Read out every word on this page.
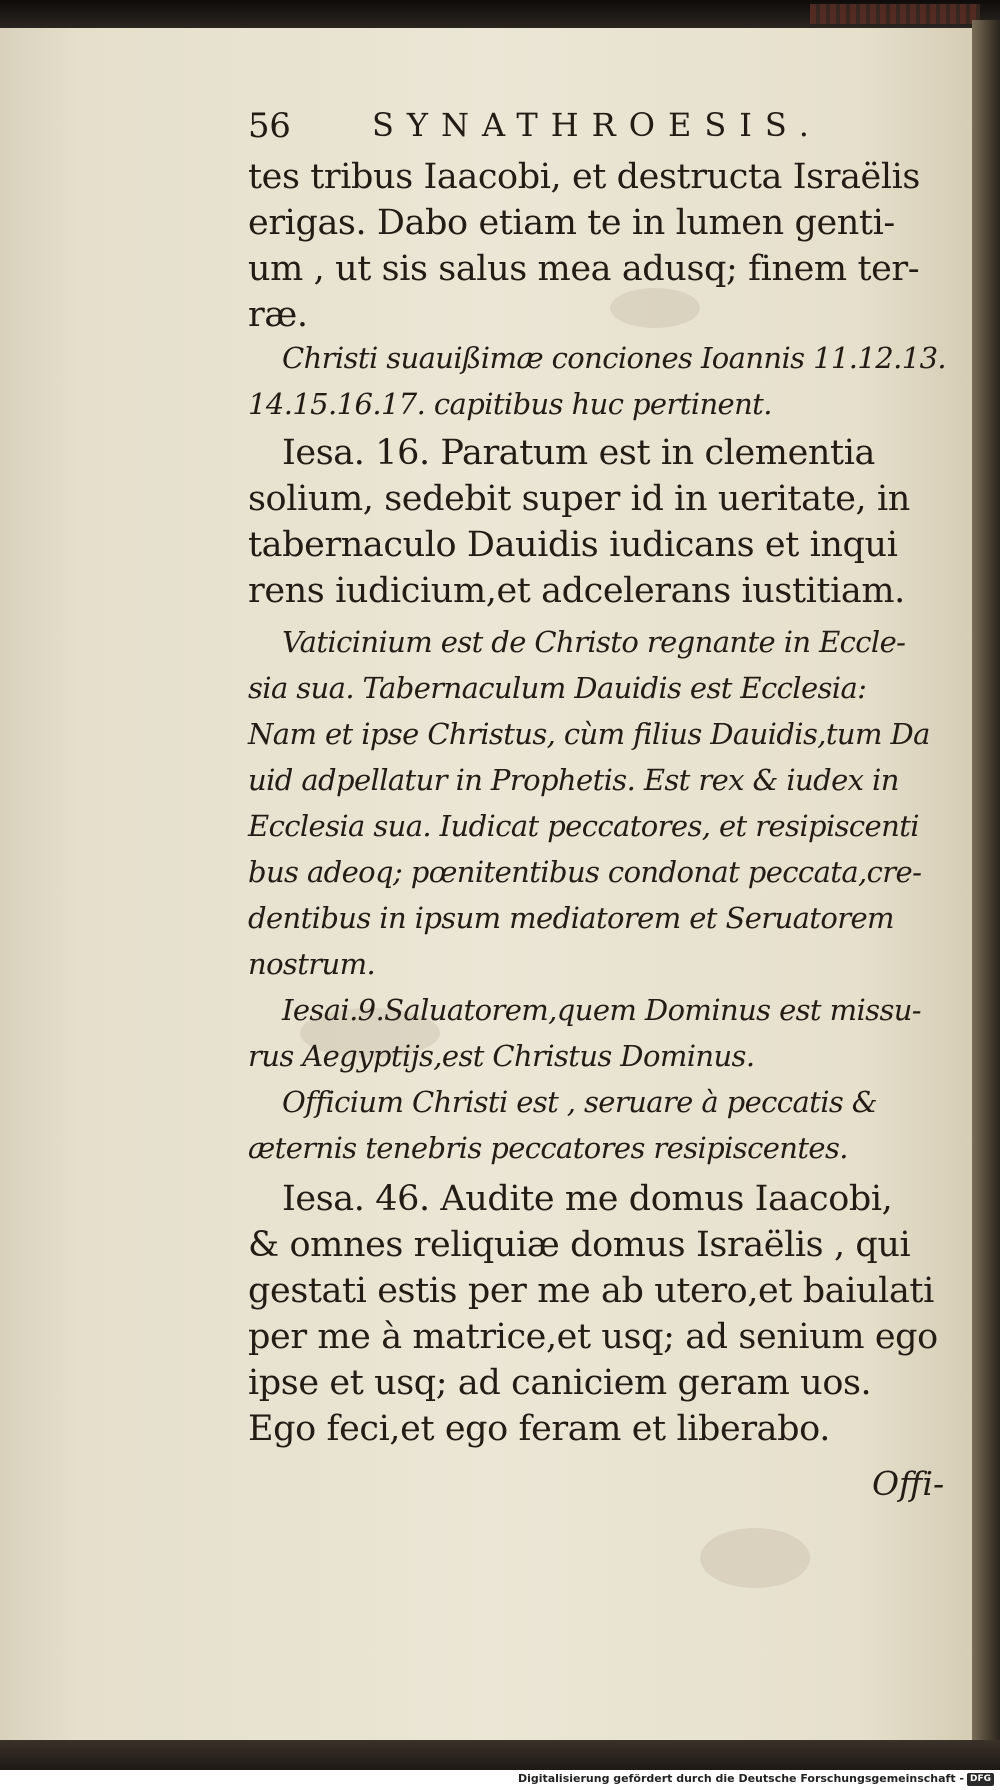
56	SYNATHROESIS.
tes tribus Iaacobi, et destructa Israëlis
erigas. Dabo etiam te in lumen genti-
um , ut sis salus mea adusq; finem ter-
ræ.
Christi suauißimæ conciones Ioannis 11.12.13.
14.15.16.17. capitibus huc pertinent.
Iesa. 16. Paratum est in clementia
solium, sedebit super id in ueritate, in
tabernaculo Dauidis iudicans et inqui
rens iudicium,et adcelerans iustitiam.
Vaticinium est de Christo regnante in Eccle-
sia sua. Tabernaculum Dauidis est Ecclesia:
Nam et ipse Christus, cùm filius Dauidis,tum Da
uid adpellatur in Prophetis. Est rex & iudex in
Ecclesia sua. Iudicat peccatores, et resipiscenti
bus adeoq; pœnitentibus condonat peccata,cre-
dentibus in ipsum mediatorem et Seruatorem
nostrum.
Iesai.9.Saluatorem,quem Dominus est missu-
rus Aegyptijs,est Christus Dominus.
Officium Christi est , seruare à peccatis &
æternis tenebris peccatores resipiscentes.
Iesa. 46. Audite me domus Iaacobi,
& omnes reliquiæ domus Israëlis , qui
gestati estis per me ab utero,et baiulati
per me à matrice,et usq; ad senium ego
ipse et usq; ad caniciem geram uos.
Ego feci,et ego feram et liberabo.
Offi-
Digitalisierung gefördert durch die Deutsche Forschungsgemeinschaft - DFG
